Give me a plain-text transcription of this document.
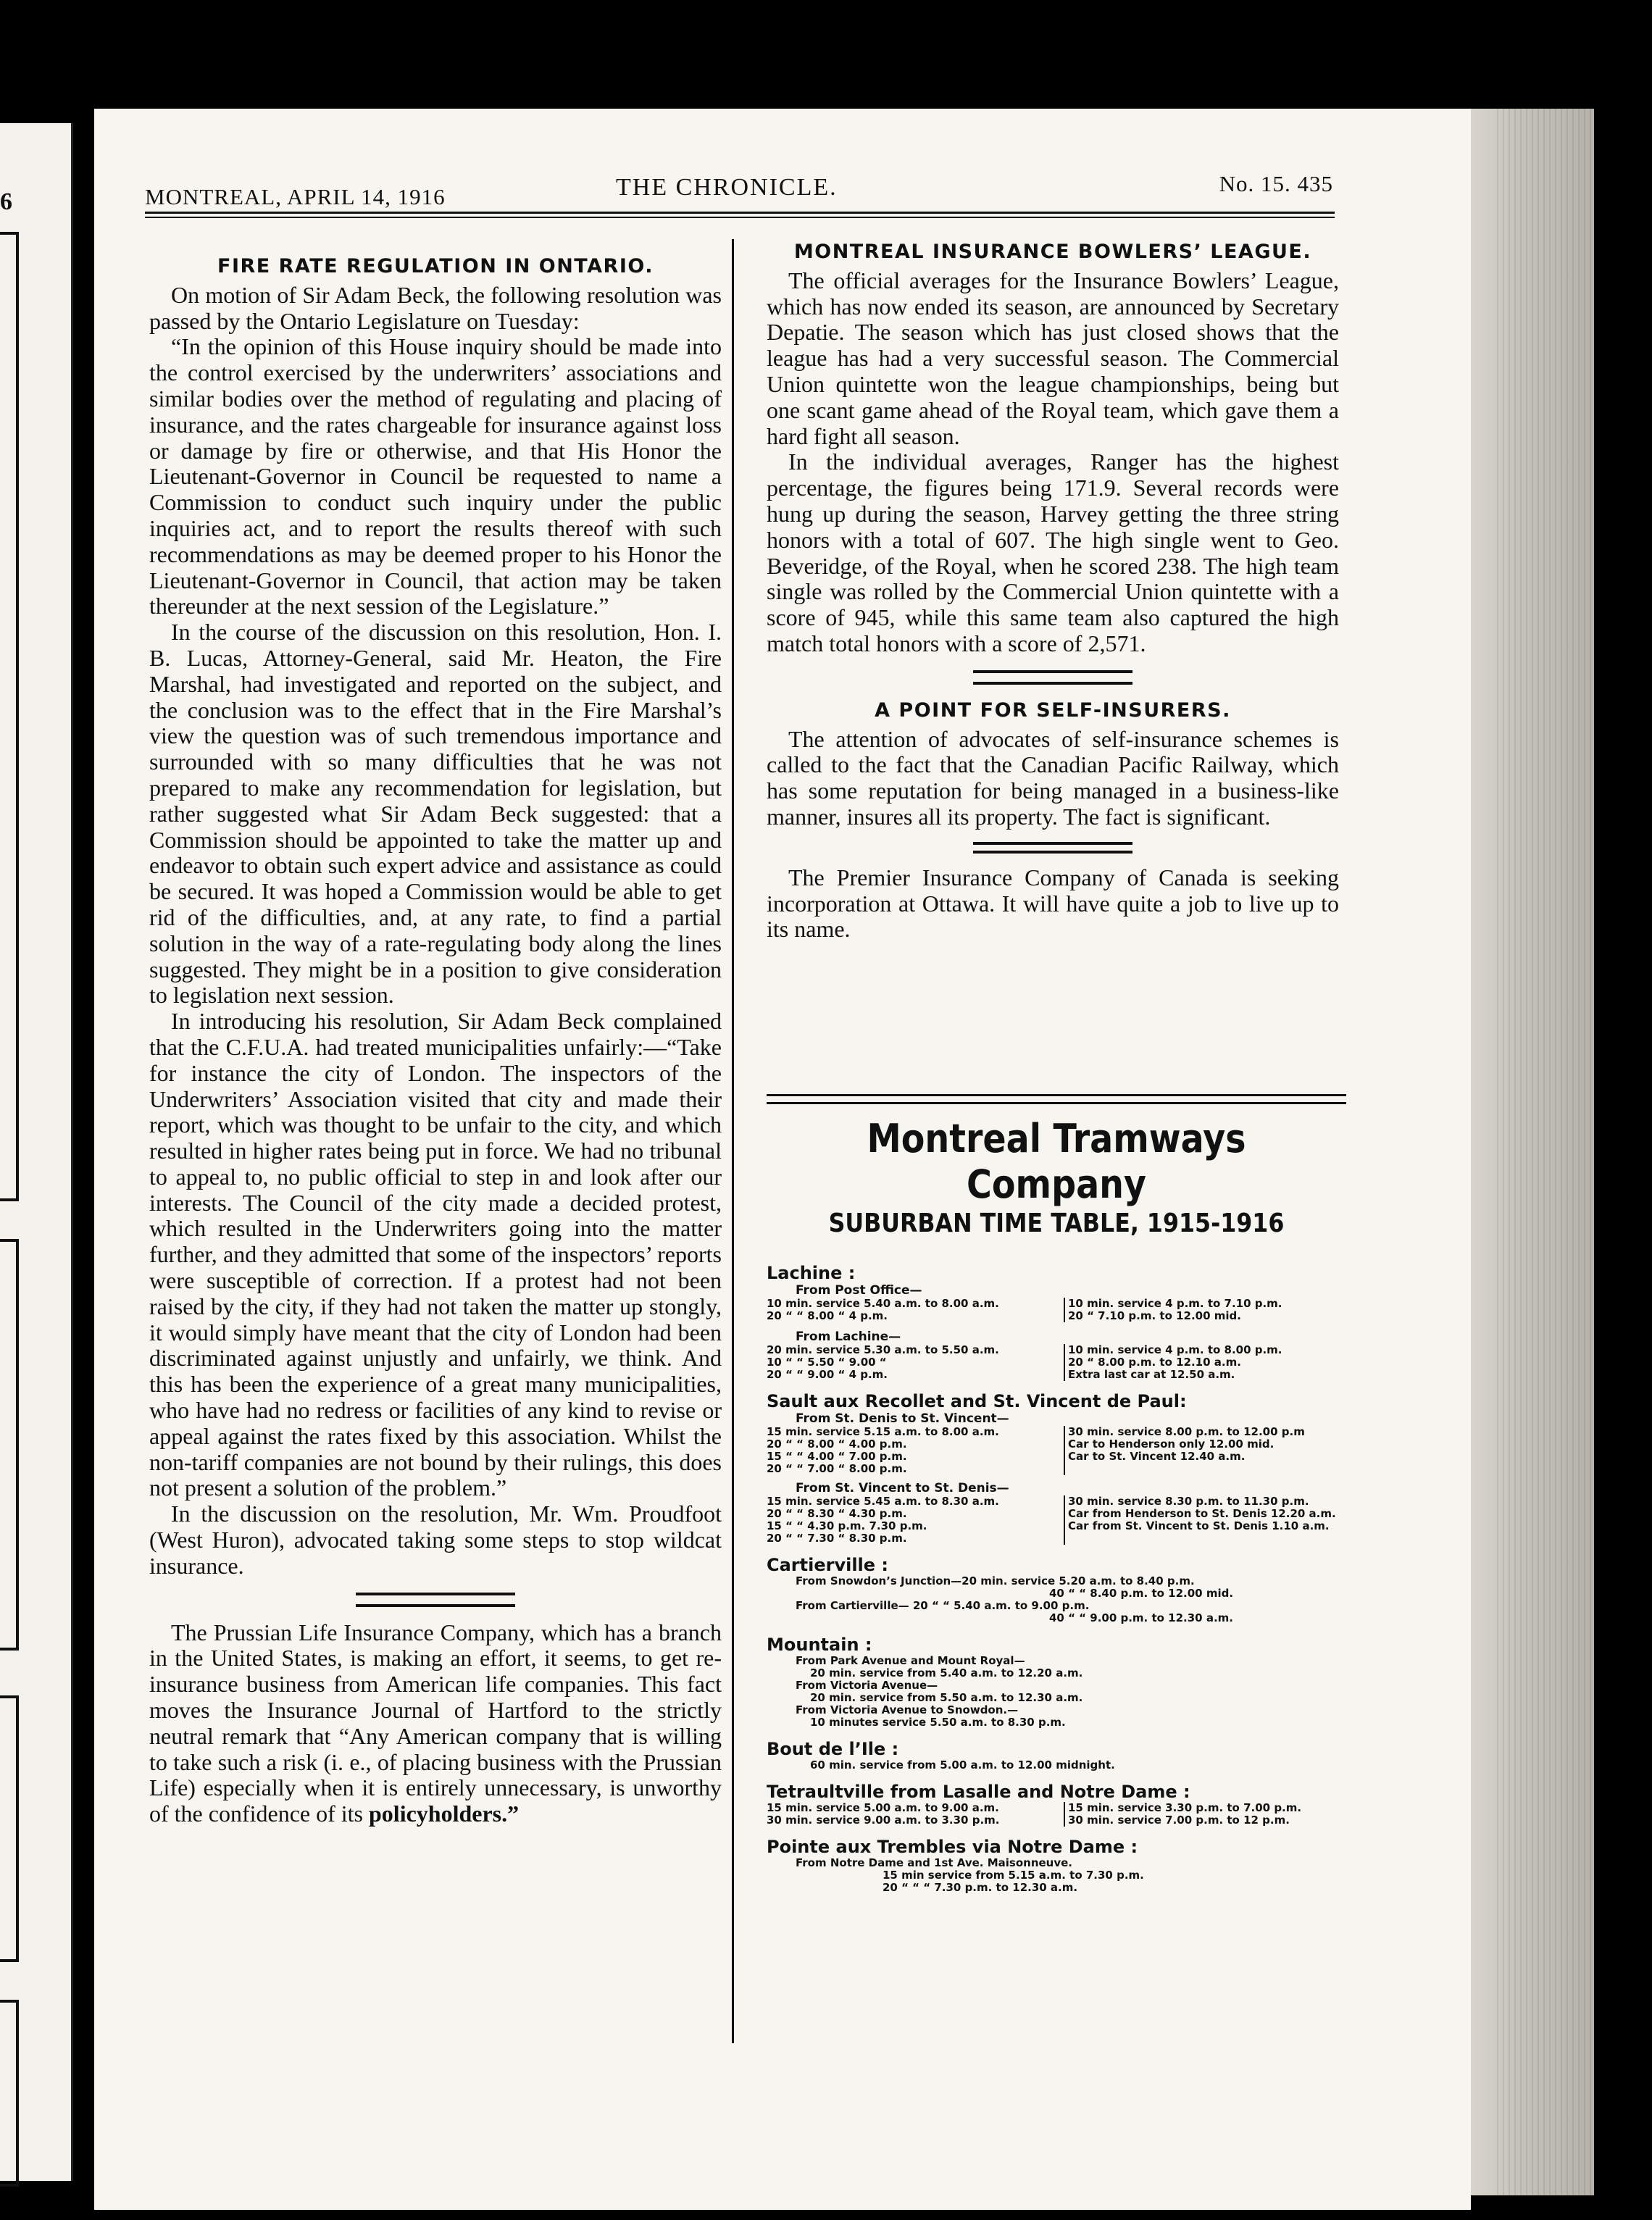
6	MONTREAL, APRIL 14, 1916	THE CHRONICLE.	No. 15. 435
FIRE RATE REGULATION IN ONTARIO.

On motion of Sir Adam Beck, the following resolution was passed by the Ontario Legislature on Tuesday:

“In the opinion of this House inquiry should be made into the control exercised by the underwriters’ associations and similar bodies over the method of regulating and placing of insurance, and the rates chargeable for insurance against loss or damage by fire or otherwise, and that His Honor the Lieutenant-Governor in Council be requested to name a Commission to conduct such inquiry under the public inquiries act, and to report the results thereof with such recommendations as may be deemed proper to his Honor the Lieutenant-Governor in Council, that action may be taken thereunder at the next session of the Legislature.”

In the course of the discussion on this resolution, Hon. I. B. Lucas, Attorney-General, said Mr. Heaton, the Fire Marshal, had investigated and reported on the subject, and the conclusion was to the effect that in the Fire Marshal’s view the question was of such tremendous importance and surrounded with so many difficulties that he was not prepared to make any recommendation for legislation, but rather suggested what Sir Adam Beck suggested: that a Commission should be appointed to take the matter up and endeavor to obtain such expert advice and assistance as could be secured. It was hoped a Commission would be able to get rid of the difficulties, and, at any rate, to find a partial solution in the way of a rate-regulating body along the lines suggested. They might be in a position to give consideration to legislation next session.

In introducing his resolution, Sir Adam Beck complained that the C.F.U.A. had treated municipalities unfairly:—“Take for instance the city of London. The inspectors of the Underwriters’ Association visited that city and made their report, which was thought to be unfair to the city, and which resulted in higher rates being put in force. We had no tribunal to appeal to, no public official to step in and look after our interests. The Council of the city made a decided protest, which resulted in the Underwriters going into the matter further, and they admitted that some of the inspectors’ reports were susceptible of correction. If a protest had not been raised by the city, if they had not taken the matter up stongly, it would simply have meant that the city of London had been discriminated against unjustly and unfairly, we think. And this has been the experience of a great many municipalities, who have had no redress or facilities of any kind to revise or appeal against the rates fixed by this association. Whilst the non-tariff companies are not bound by their rulings, this does not present a solution of the problem.”

In the discussion on the resolution, Mr. Wm. Proudfoot (West Huron), advocated taking some steps to stop wildcat insurance.

The Prussian Life Insurance Company, which has a branch in the United States, is making an effort, it seems, to get re-insurance business from American life companies. This fact moves the Insurance Journal of Hartford to the strictly neutral remark that “Any American company that is willing to take such a risk (i. e., of placing business with the Prussian Life) especially when it is entirely unnecessary, is unworthy of the confidence of its policyholders.”

MONTREAL INSURANCE BOWLERS’ LEAGUE.

The official averages for the Insurance Bowlers’ League, which has now ended its season, are announced by Secretary Depatie. The season which has just closed shows that the league has had a very successful season. The Commercial Union quintette won the league championships, being but one scant game ahead of the Royal team, which gave them a hard fight all season.

In the individual averages, Ranger has the highest percentage, the figures being 171.9. Several records were hung up during the season, Harvey getting the three string honors with a total of 607. The high single went to Geo. Beveridge, of the Royal, when he scored 238. The high team single was rolled by the Commercial Union quintette with a score of 945, while this same team also captured the high match total honors with a score of 2,571.

A POINT FOR SELF-INSURERS.

The attention of advocates of self-insurance schemes is called to the fact that the Canadian Pacific Railway, which has some reputation for being managed in a business-like manner, insures all its property. The fact is significant.

The Premier Insurance Company of Canada is seeking incorporation at Ottawa. It will have quite a job to live up to its name.

Montreal Tramways Company
SUBURBAN TIME TABLE, 1915-1916
Lachine :
From Post Office—
10 min. service 5.40 a.m. to 8.00 a.m.	10 min. service 4 p.m. to 7.10 p.m.
20 “ “ 8.00 “ 4 p.m.	20 “ 7.10 p.m. to 12.00 mid.
From Lachine—
20 min. service 5.30 a.m. to 5.50 a.m.	10 min. service 4 p.m. to 8.00 p.m.
10 “ “ 5.50 “ 9.00 “	20 “ 8.00 p.m. to 12.10 a.m.
20 “ “ 9.00 “ 4 p.m.	Extra last car at 12.50 a.m.
Sault aux Recollet and St. Vincent de Paul:
From St. Denis to St. Vincent—
15 min. service 5.15 a.m. to 8.00 a.m.	30 min. service 8.00 p.m. to 12.00 p.m
20 “ “ 8.00 “ 4.00 p.m.	Car to Henderson only 12.00 mid.
15 “ “ 4.00 “ 7.00 p.m.	Car to St. Vincent 12.40 a.m.
20 “ “ 7.00 “ 8.00 p.m.
From St. Vincent to St. Denis—
15 min. service 5.45 a.m. to 8.30 a.m.	30 min. service 8.30 p.m. to 11.30 p.m.
20 “ “ 8.30 “ 4.30 p.m.	Car from Henderson to St. Denis 12.20 a.m.
15 “ “ 4.30 p.m. 7.30 p.m.	Car from St. Vincent to St. Denis 1.10 a.m.
20 “ “ 7.30 “ 8.30 p.m.
Cartierville :
From Snowdon’s Junction—20 min. service 5.20 a.m. to 8.40 p.m.
40 “ “ 8.40 p.m. to 12.00 mid.
From Cartierville— 20 “ “ 5.40 a.m. to 9.00 p.m.
40 “ “ 9.00 p.m. to 12.30 a.m.
Mountain :
From Park Avenue and Mount Royal—
20 min. service from 5.40 a.m. to 12.20 a.m.
From Victoria Avenue—
20 min. service from 5.50 a.m. to 12.30 a.m.
From Victoria Avenue to Snowdon.—
10 minutes service 5.50 a.m. to 8.30 p.m.
Bout de l’Ile :
60 min. service from 5.00 a.m. to 12.00 midnight.
Tetraultville from Lasalle and Notre Dame :
15 min. service 5.00 a.m. to 9.00 a.m.	15 min. service 3.30 p.m. to 7.00 p.m.
30 min. service 9.00 a.m. to 3.30 p.m.	30 min. service 7.00 p.m. to 12 p.m.
Pointe aux Trembles via Notre Dame :
From Notre Dame and 1st Ave. Maisonneuve.
15 min service from 5.15 a.m. to 7.30 p.m.
20 “ “ “ 7.30 p.m. to 12.30 a.m.
